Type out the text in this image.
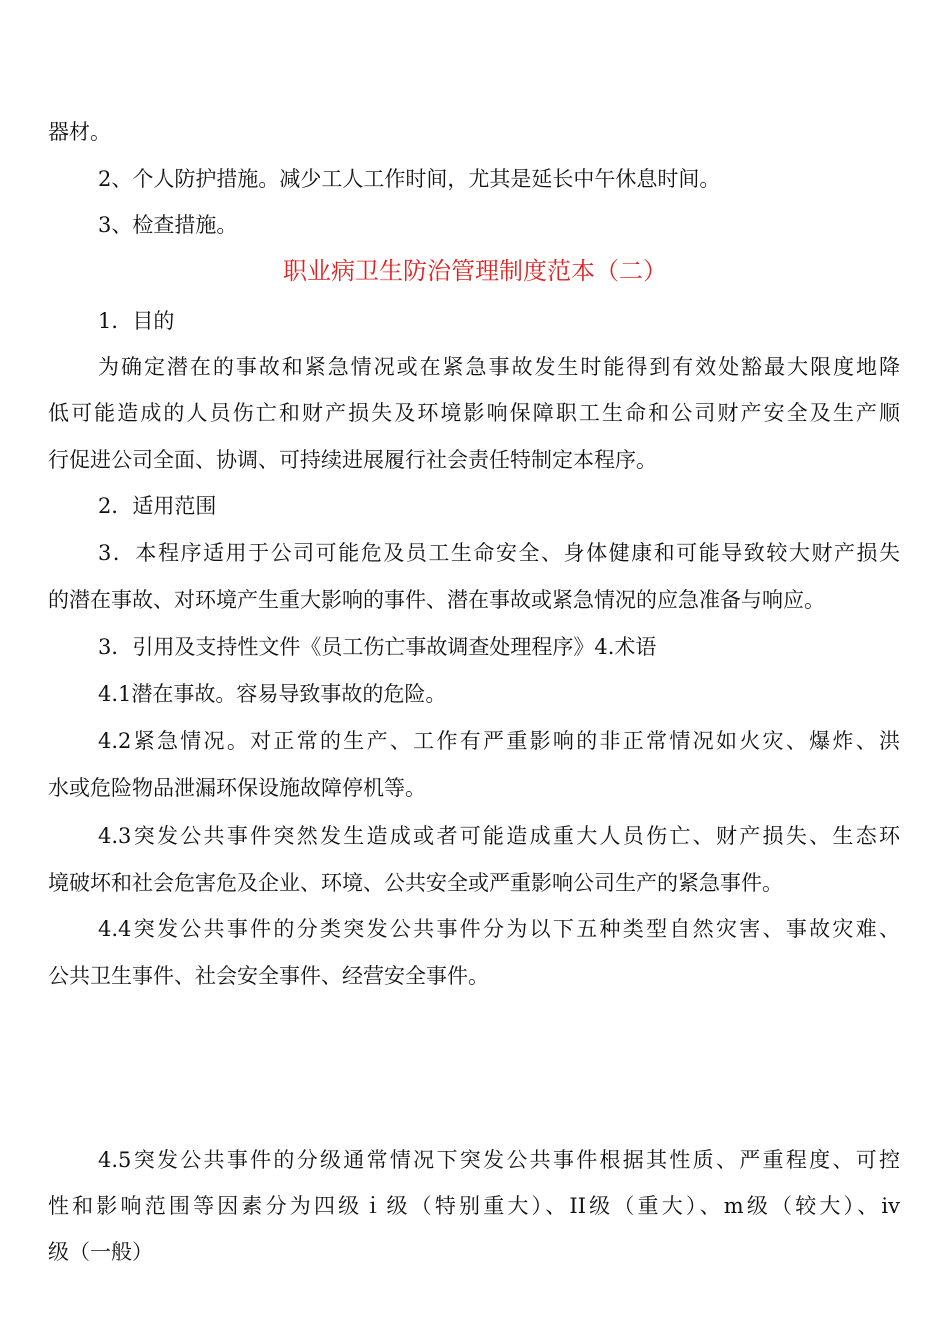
器材。
2、个人防护措施。减少工人工作时间，尤其是延长中午休息时间。
3、检查措施。
职业病卫生防治管理制度范本（二）
1．目的
为确定潜在的事故和紧急情况或在紧急事故发生时能得到有效处豁最大限度地降
低可能造成的人员伤亡和财产损失及环境影响保障职工生命和公司财产安全及生产顺
行促进公司全面、协调、可持续进展履行社会责任特制定本程序。
2．适用范围
3．本程序适用于公司可能危及员工生命安全、身体健康和可能导致较大财产损失
的潜在事故、对环境产生重大影响的事件、潜在事故或紧急情况的应急准备与响应。
3．引用及支持性文件《员工伤亡事故调查处理程序》4.术语
4.1潜在事故。容易导致事故的危险。
4.2紧急情况。对正常的生产、工作有严重影响的非正常情况如火灾、爆炸、洪
水或危险物品泄漏环保设施故障停机等。
4.3突发公共事件突然发生造成或者可能造成重大人员伤亡、财产损失、生态环
境破坏和社会危害危及企业、环境、公共安全或严重影响公司生产的紧急事件。
4.4突发公共事件的分类突发公共事件分为以下五种类型自然灾害、事故灾难、
公共卫生事件、社会安全事件、经营安全事件。
4.5突发公共事件的分级通常情况下突发公共事件根据其性质、严重程度、可控
性和影响范围等因素分为四级ｉ级（特别重大）、II级（重大）、m级（较大）、iv
级（一般）
